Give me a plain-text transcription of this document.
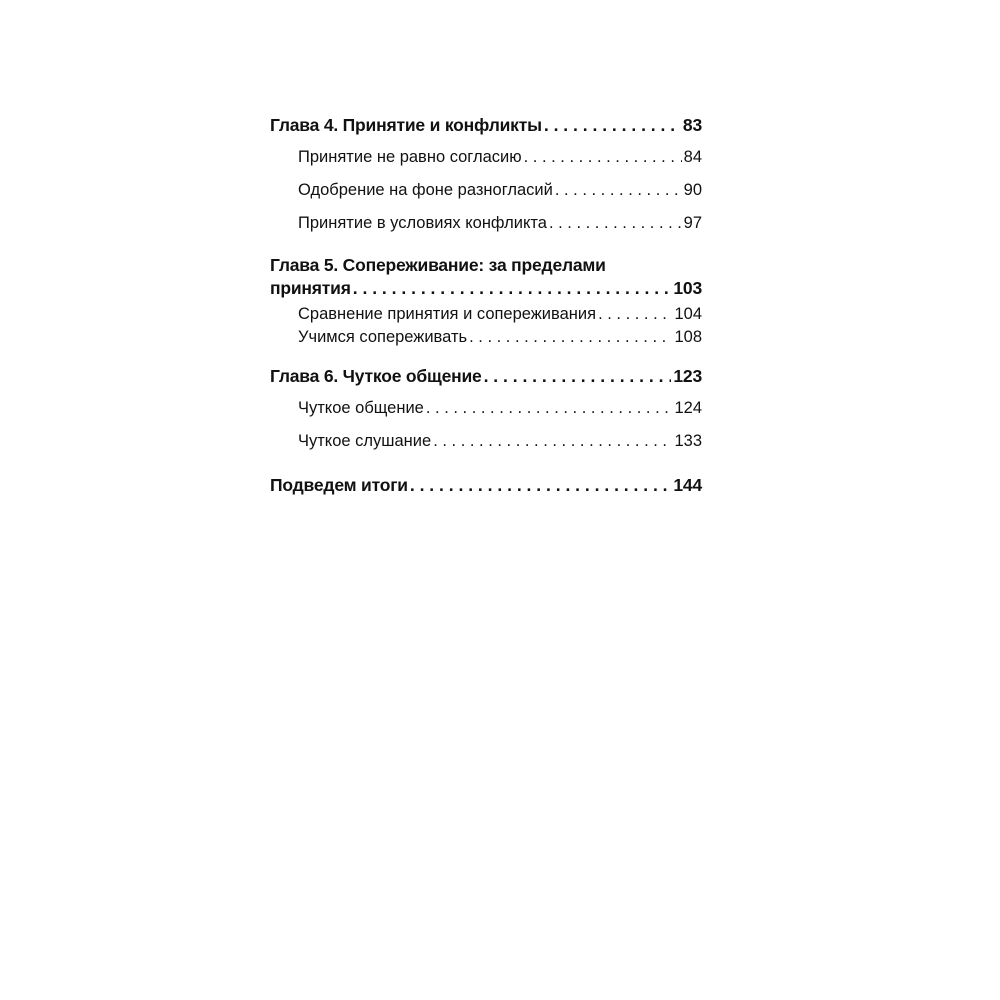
Глава 4. Принятие и конфликты . . .	83
Принятие не равно согласию . . .	84
Одобрение на фоне разногласий . . .	90
Принятие в условиях конфликта . . .	97
Глава 5. Сопереживание: за пределами
принятия . . .	103
Сравнение принятия и сопереживания . . .	104
Учимся сопереживать . . .	108
Глава 6. Чуткое общение . . .	123
Чуткое общение . . .	124
Чуткое слушание . . .	133
Подведем итоги . . .	144
